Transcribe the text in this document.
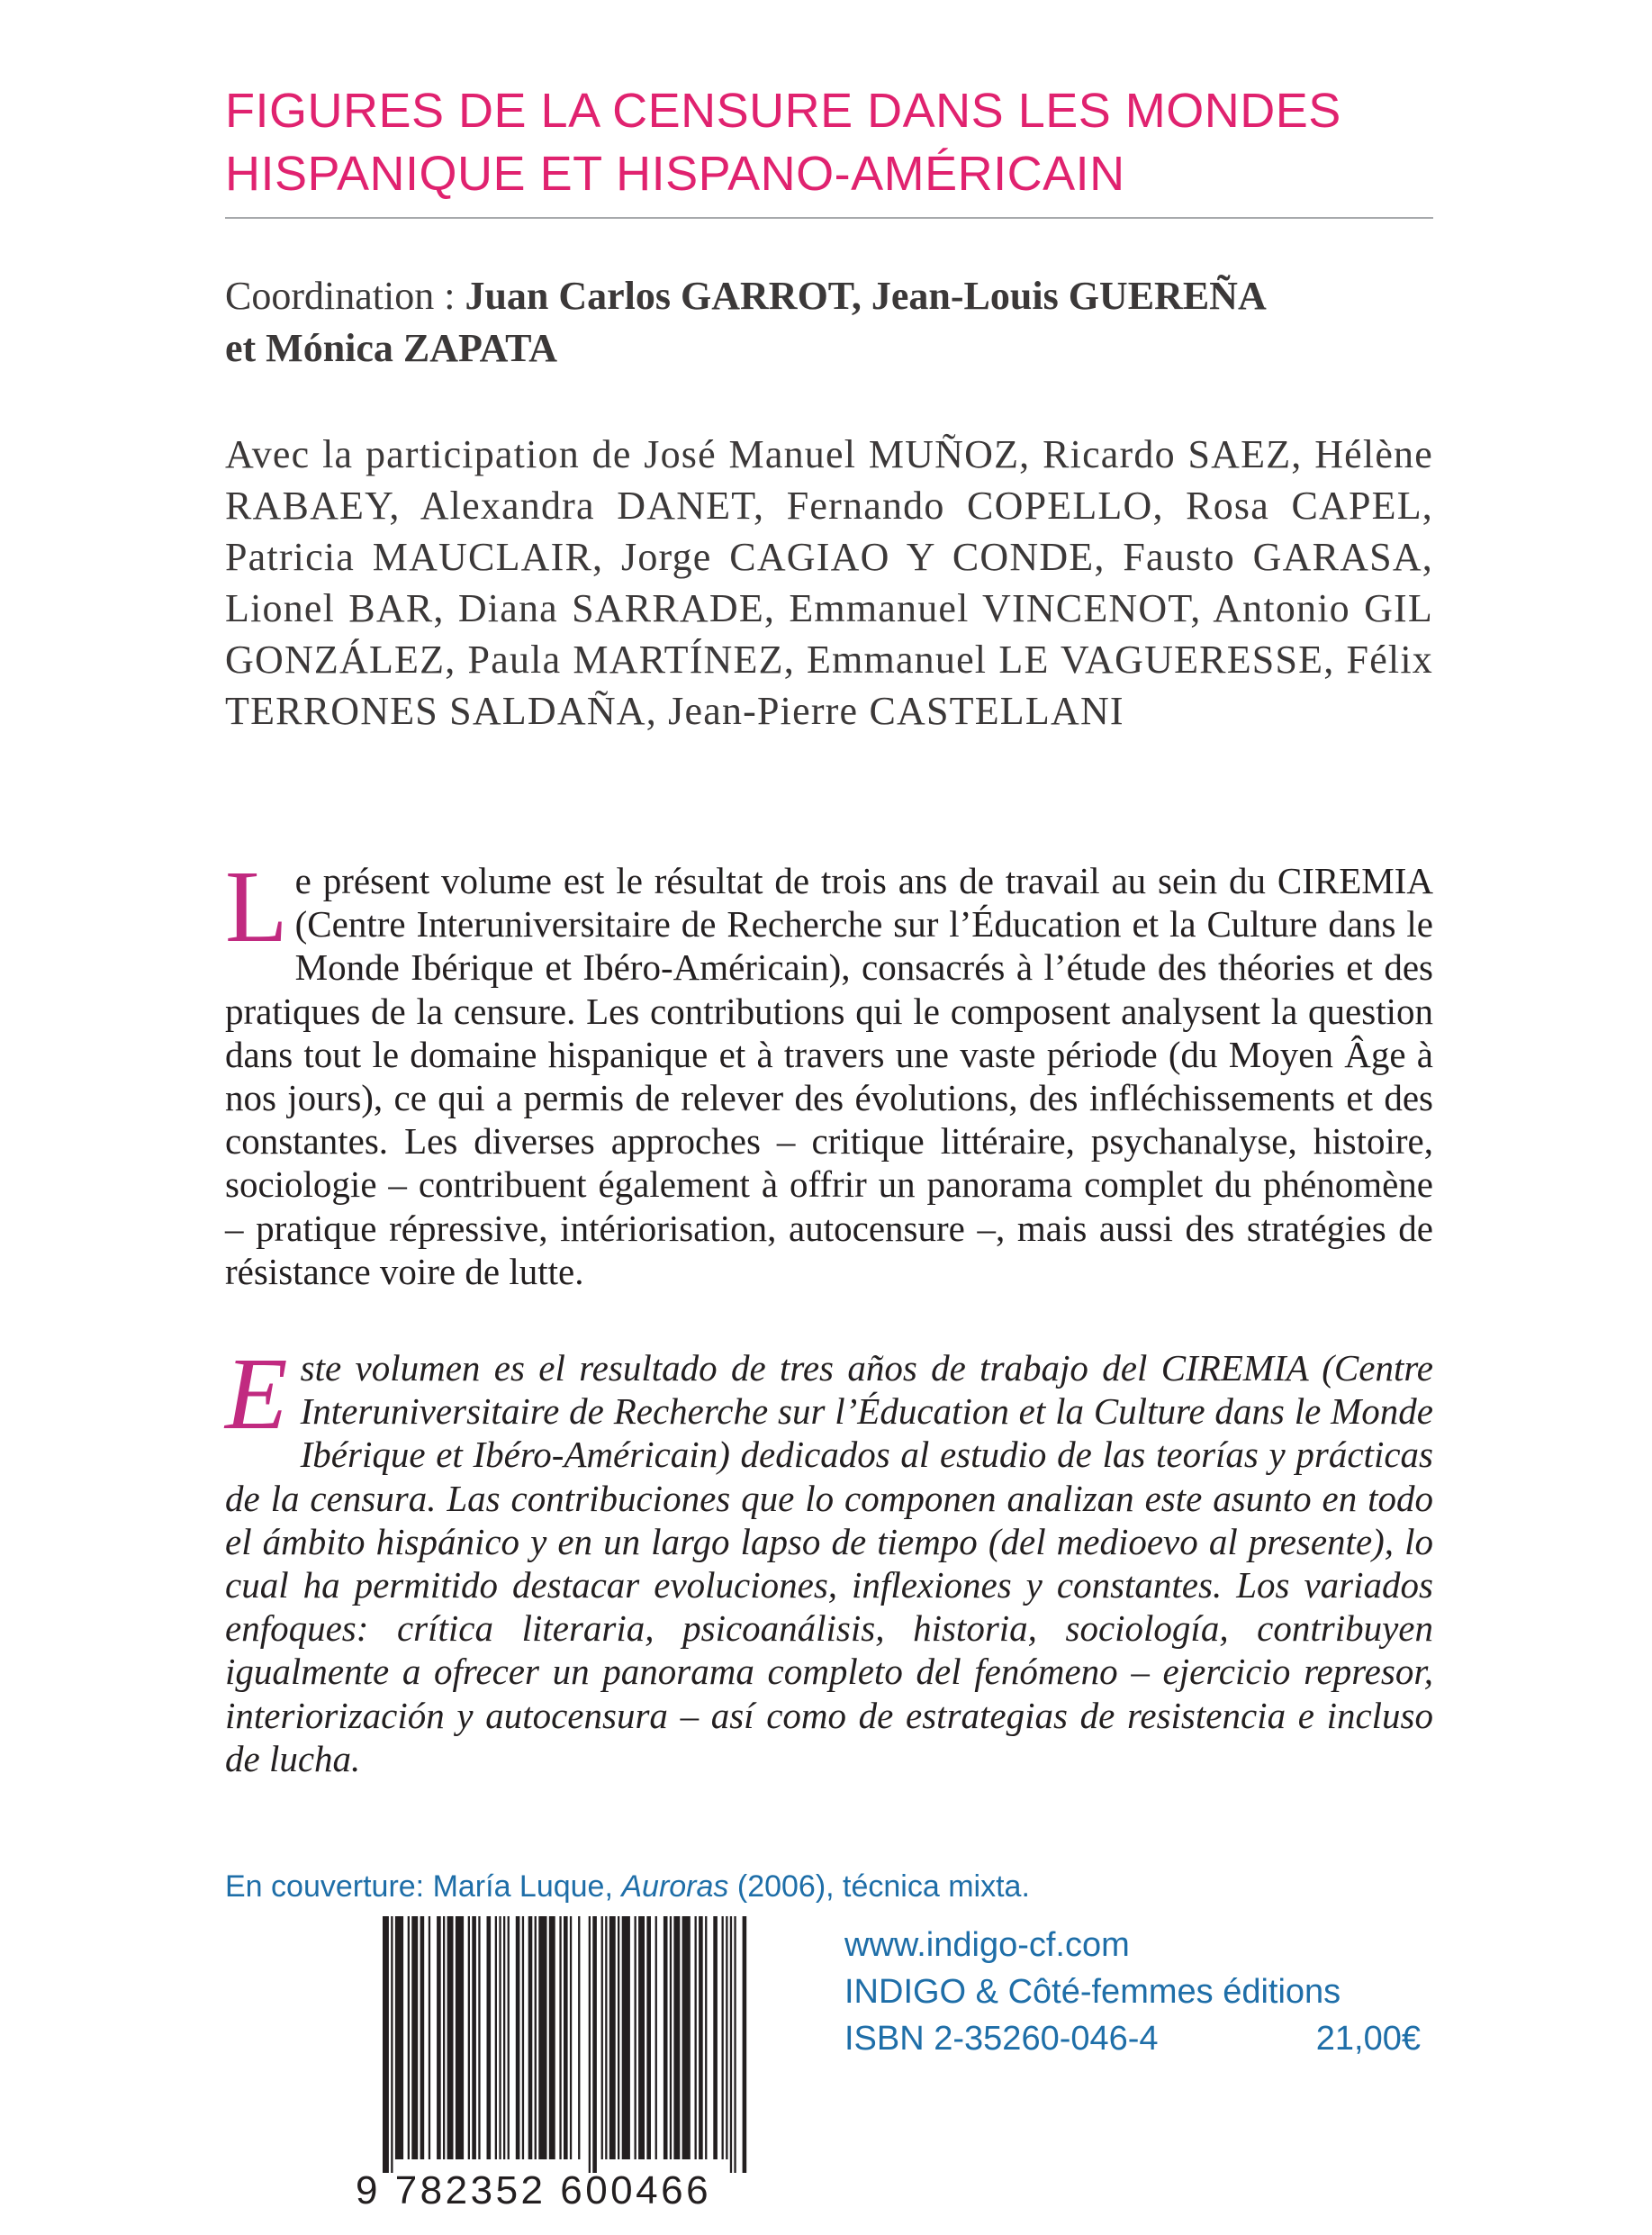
FIGURES DE LA CENSURE DANS LES MONDES
HISPANIQUE ET HISPANO-AMÉRICAIN
Coordination : Juan Carlos GARROT, Jean-Louis GUEREÑA
et Mónica ZAPATA
Avec la participation de José Manuel MUÑOZ, Ricardo SAEZ, Hélène RABAEY, Alexandra DANET, Fernando COPELLO, Rosa CAPEL, Patricia MAUCLAIR, Jorge CAGIAO Y CONDE, Fausto GARASA, Lionel BAR, Diana SARRADE, Emmanuel VINCENOT, Antonio GIL GONZÁLEZ, Paula MARTÍNEZ, Emmanuel LE VAGUERESSE, Félix TERRONES SALDAÑA, Jean-Pierre CASTELLANI
Le présent volume est le résultat de trois ans de travail au sein du CIREMIA (Centre Interuniversitaire de Recherche sur l’Éducation et la Culture dans le Monde Ibérique et Ibéro-Américain), consacrés à l’étude des théories et des pratiques de la censure. Les contributions qui le composent analysent la question dans tout le domaine hispanique et à travers une vaste période (du Moyen Âge à nos jours), ce qui a permis de relever des évolutions, des infléchissements et des constantes. Les diverses approches – critique littéraire, psychanalyse, histoire, sociologie – contribuent également à offrir un panorama complet du phénomène – pratique répressive, intériorisation, autocensure –, mais aussi des stratégies de résistance voire de lutte.
Este volumen es el resultado de tres años de trabajo del CIREMIA (Centre Interuniversitaire de Recherche sur l’Éducation et la Culture dans le Monde Ibérique et Ibéro-Américain) dedicados al estudio de las teorías y prácticas de la censura. Las contribuciones que lo componen analizan este asunto en todo el ámbito hispánico y en un largo lapso de tiempo (del medioevo al presente), lo cual ha permitido destacar evoluciones, inflexiones y constantes. Los variados enfoques: crítica literaria, psicoanálisis, historia, sociología, contribuyen igualmente a ofrecer un panorama completo del fenómeno – ejercicio represor, interiorización y autocensura – así como de estrategias de resistencia e incluso de lucha.
En couverture: María Luque, Auroras (2006), técnica mixta.
9 782352 600466
www.indigo-cf.com
INDIGO & Côté-femmes éditions
ISBN 2-35260-046-4	21,00€
